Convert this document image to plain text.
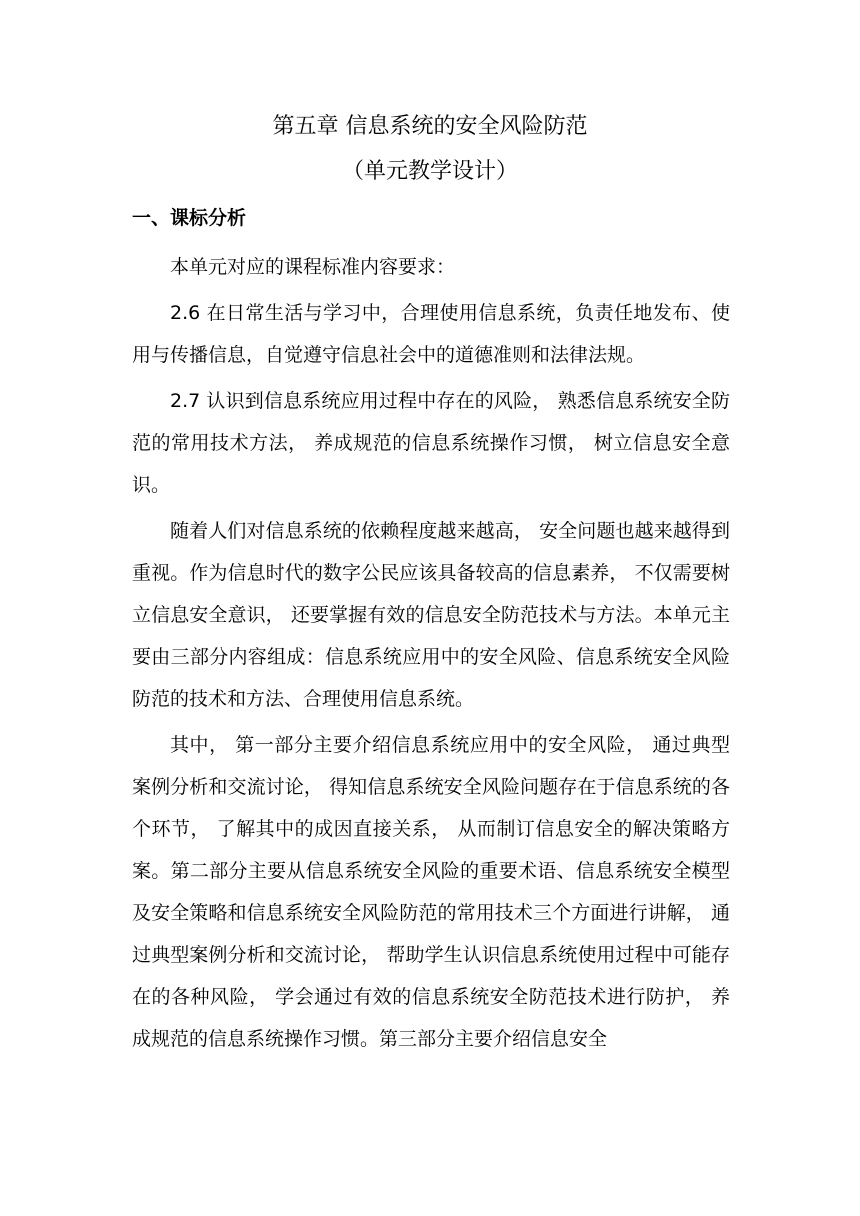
第五章 信息系统的安全风险防范
（单元教学设计）
一、课标分析

本单元对应的课程标准内容要求：

2.6 在日常生活与学习中，合理使用信息系统，负责任地发布、使用与传播信息，自觉遵守信息社会中的道德准则和法律法规。

2.7 认识到信息系统应用过程中存在的风险， 熟悉信息系统安全防范的常用技术方法， 养成规范的信息系统操作习惯， 树立信息安全意识。

随着人们对信息系统的依赖程度越来越高， 安全问题也越来越得到重视。作为信息时代的数字公民应该具备较高的信息素养， 不仅需要树立信息安全意识， 还要掌握有效的信息安全防范技术与方法。本单元主要由三部分内容组成：信息系统应用中的安全风险、信息系统安全风险防范的技术和方法、合理使用信息系统。

其中， 第一部分主要介绍信息系统应用中的安全风险， 通过典型案例分析和交流讨论， 得知信息系统安全风险问题存在于信息系统的各个环节， 了解其中的成因直接关系， 从而制订信息安全的解决策略方案。第二部分主要从信息系统安全风险的重要术语、信息系统安全模型及安全策略和信息系统安全风险防范的常用技术三个方面进行讲解， 通过典型案例分析和交流讨论， 帮助学生认识信息系统使用过程中可能存在的各种风险， 学会通过有效的信息系统安全防范技术进行防护， 养成规范的信息系统操作习惯。第三部分主要介绍信息安全
